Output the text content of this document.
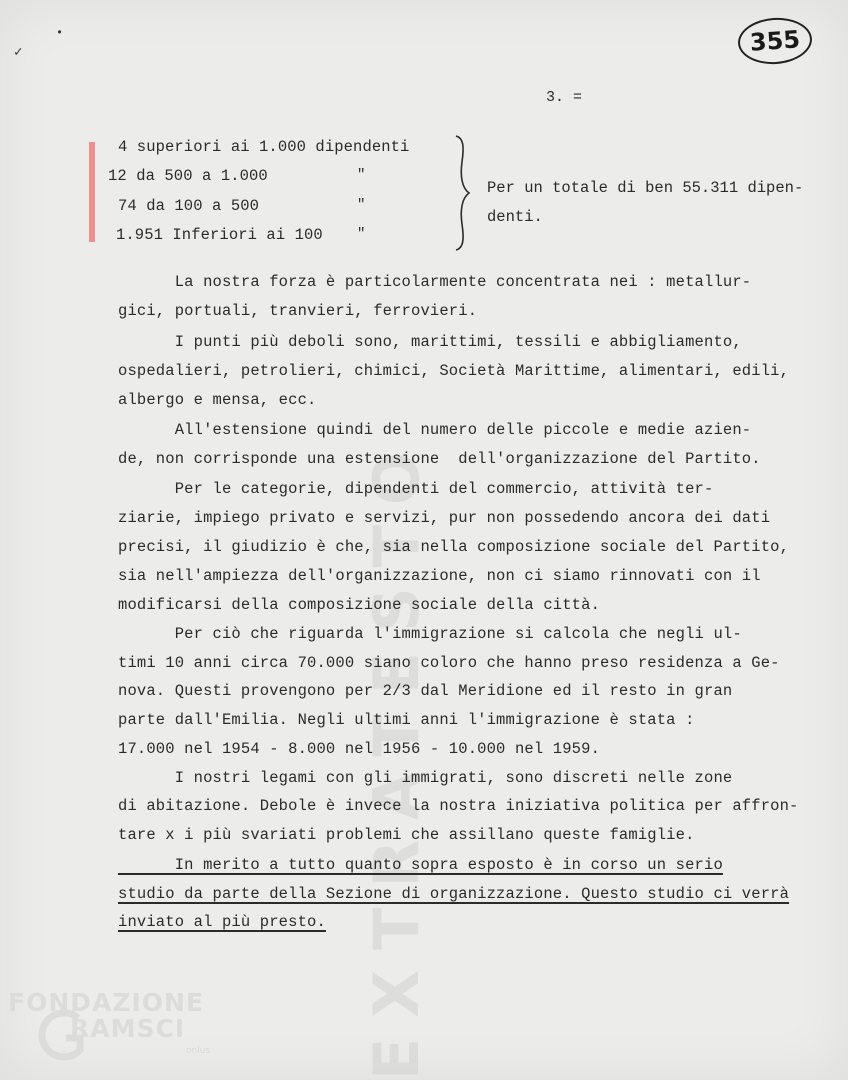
EXTRATESTO
✓
•	355
3. =
4 superiori ai 1.000 dipendenti
12 da 500 a 1.000	"
74 da 100 a 500	"
1.951 Inferiori ai 100 "
Per un totale di ben 55.311 dipen-
denti.
La nostra forza è particolarmente concentrata nei : metallur-
gici, portuali, tranvieri, ferrovieri.
I punti più deboli sono, marittimi, tessili e abbigliamento,
ospedalieri, petrolieri, chimici, Società Marittime, alimentari, edili,
albergo e mensa, ecc.
All'estensione quindi del numero delle piccole e medie azien-
de, non corrisponde una estensione  dell'organizzazione del Partito.
Per le categorie, dipendenti del commercio, attività ter-
ziarie, impiego privato e servizi, pur non possedendo ancora dei dati
precisi, il giudizio è che, sia nella composizione sociale del Partito,
sia nell'ampiezza dell'organizzazione, non ci siamo rinnovati con il
modificarsi della composizione sociale della città.
Per ciò che riguarda l'immigrazione si calcola che negli ul-
timi 10 anni circa 70.000 siano coloro che hanno preso residenza a Ge-
nova. Questi provengono per 2/3 dal Meridione ed il resto in gran
parte dall'Emilia. Negli ultimi anni l'immigrazione è stata :
17.000 nel 1954 - 8.000 nel 1956 - 10.000 nel 1959.
I nostri legami con gli immigrati, sono discreti nelle zone
di abitazione. Debole è invece la nostra iniziativa politica per affron-
tare x i più svariati problemi che assillano queste famiglie.
In merito a tutto quanto sopra esposto è in corso un serio
studio da parte della Sezione di organizzazione. Questo studio ci verrà
inviato al più presto.
FONDAZIONE
RAMSCI
onlus
